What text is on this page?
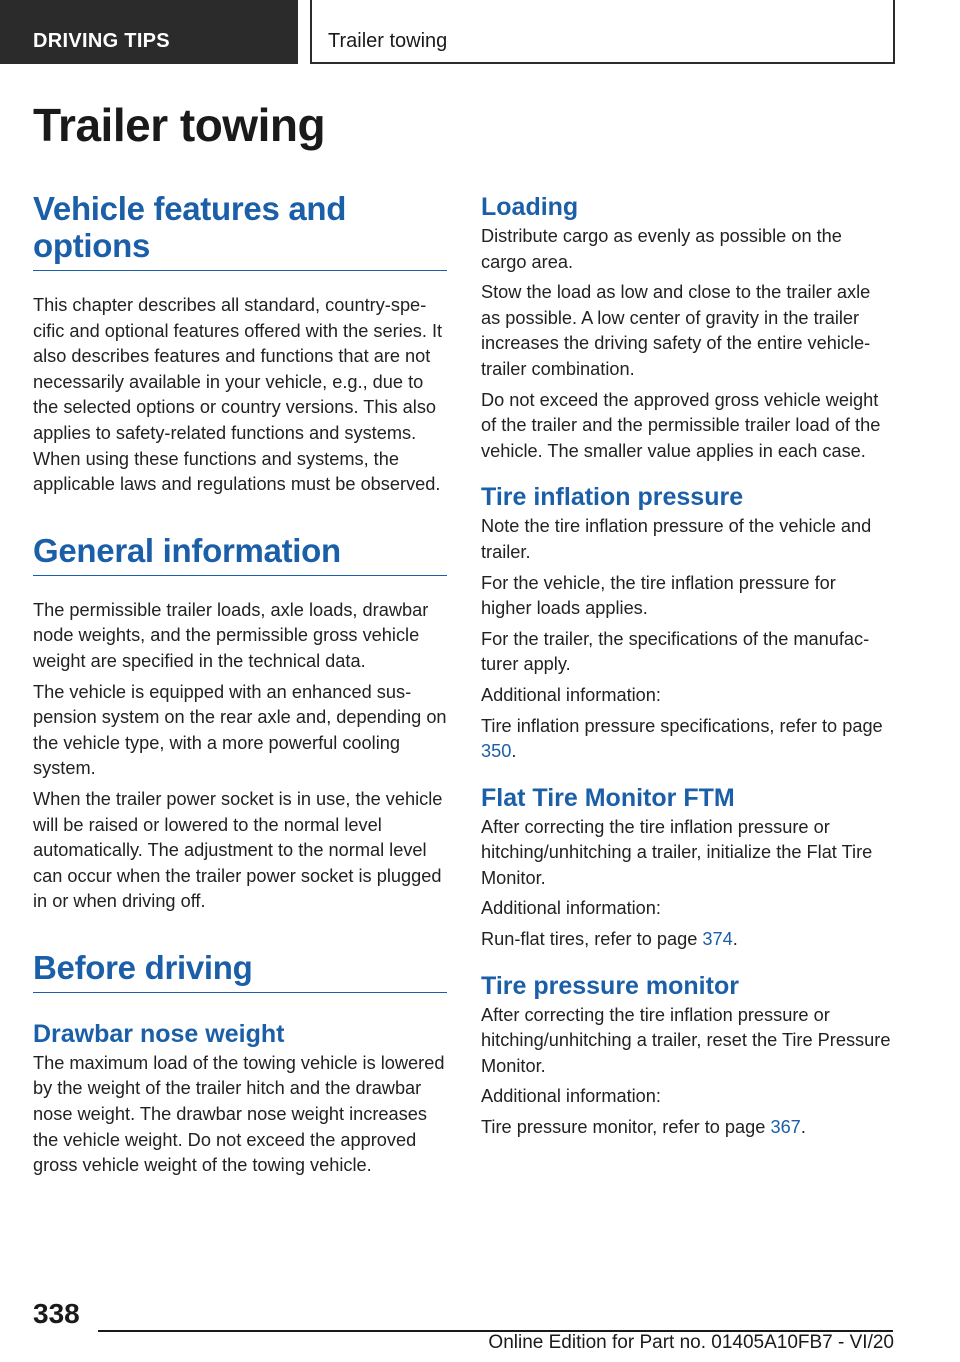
DRIVING TIPS	Trailer towing
Trailer towing
Vehicle features and options

This chapter describes all standard, country-specific and optional features offered with the series. It also describes features and functions that are not necessarily available in your vehicle, e.g., due to the selected options or country versions. This also applies to safety-related functions and systems. When using these functions and systems, the applicable laws and regulations must be observed.

General information

The permissible trailer loads, axle loads, drawbar node weights, and the permissible gross vehicle weight are specified in the technical data.

The vehicle is equipped with an enhanced suspension system on the rear axle and, depending on the vehicle type, with a more powerful cooling system.

When the trailer power socket is in use, the vehicle will be raised or lowered to the normal level automatically. The adjustment to the normal level can occur when the trailer power socket is plugged in or when driving off.

Before driving
Drawbar nose weight

The maximum load of the towing vehicle is lowered by the weight of the trailer hitch and the drawbar nose weight. The drawbar nose weight increases the vehicle weight. Do not exceed the approved gross vehicle weight of the towing vehicle.

Loading

Distribute cargo as evenly as possible on the cargo area.

Stow the load as low and close to the trailer axle as possible. A low center of gravity in the trailer increases the driving safety of the entire vehicle-trailer combination.

Do not exceed the approved gross vehicle weight of the trailer and the permissible trailer load of the vehicle. The smaller value applies in each case.

Tire inflation pressure

Note the tire inflation pressure of the vehicle and trailer.

For the vehicle, the tire inflation pressure for higher loads applies.

For the trailer, the specifications of the manufacturer apply.

Additional information:

Tire inflation pressure specifications, refer to page 350.

Flat Tire Monitor FTM

After correcting the tire inflation pressure or hitching/unhitching a trailer, initialize the Flat Tire Monitor.

Additional information:

Run-flat tires, refer to page 374.

Tire pressure monitor

After correcting the tire inflation pressure or hitching/unhitching a trailer, reset the Tire Pressure Monitor.

Additional information:

Tire pressure monitor, refer to page 367.

338
Online Edition for Part no. 01405A10FB7 - VI/20
